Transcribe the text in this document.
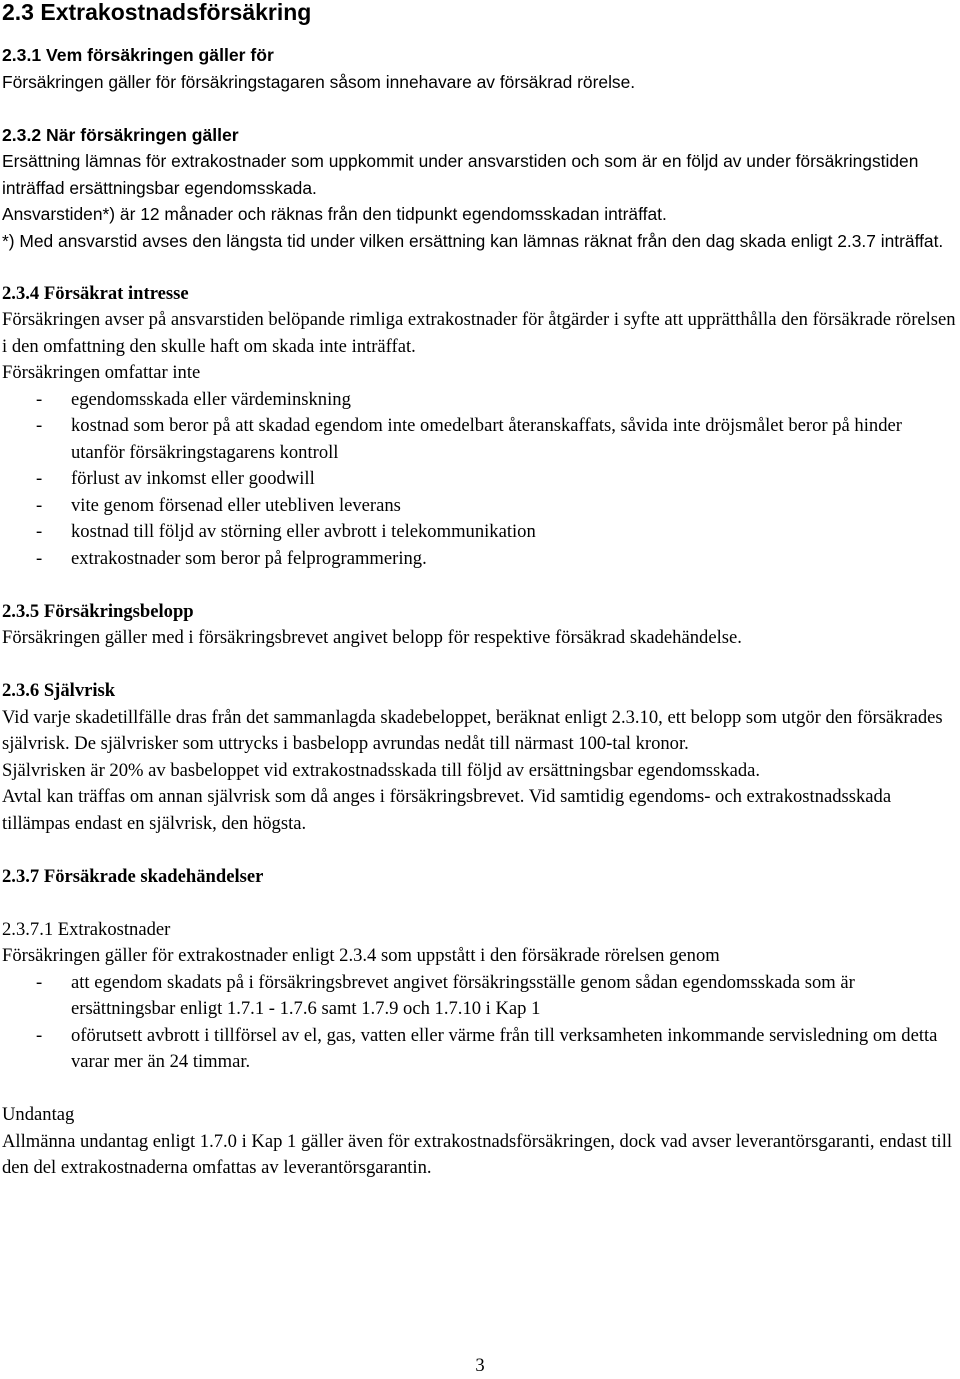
2.3 Extrakostnadsförsäkring

2.3.1 Vem försäkringen gäller för

Försäkringen gäller för försäkringstagaren såsom innehavare av försäkrad rörelse.

2.3.2 När försäkringen gäller

Ersättning lämnas för extrakostnader som uppkommit under ansvarstiden och som är en följd av under försäkringstiden inträffad ersättningsbar egendomsskada.

Ansvarstiden*) är 12 månader och räknas från den tidpunkt egendomsskadan inträffat.

*) Med ansvarstid avses den längsta tid under vilken ersättning kan lämnas räknat från den dag skada enligt 2.3.7 inträffat.

2.3.4 Försäkrat intresse

Försäkringen avser på ansvarstiden belöpande rimliga extrakostnader för åtgärder i syfte att upprätthålla den försäkrade rörelsen i den omfattning den skulle haft om skada inte inträffat.

Försäkringen omfattar inte

- egendomsskada eller värdeminskning
- kostnad som beror på att skadad egendom inte omedelbart återanskaffats, såvida inte dröjsmålet beror på hinder utanför försäkringstagarens kontroll
- förlust av inkomst eller goodwill
- vite genom försenad eller utebliven leverans
- kostnad till följd av störning eller avbrott i telekommunikation
- extrakostnader som beror på felprogrammering.

2.3.5 Försäkringsbelopp

Försäkringen gäller med i försäkringsbrevet angivet belopp för respektive försäkrad skadehändelse.

2.3.6 Självrisk

Vid varje skadetillfälle dras från det sammanlagda skadebeloppet, beräknat enligt 2.3.10, ett belopp som utgör den försäkrades självrisk. De självrisker som uttrycks i basbelopp avrundas nedåt till närmast 100-tal kronor.

Självrisken är 20% av basbeloppet vid extrakostnadsskada till följd av ersättningsbar egendomsskada.

Avtal kan träffas om annan självrisk som då anges i försäkringsbrevet. Vid samtidig egendoms- och extrakostnadsskada tillämpas endast en självrisk, den högsta.

2.3.7 Försäkrade skadehändelser

2.3.7.1 Extrakostnader

Försäkringen gäller för extrakostnader enligt 2.3.4 som uppstått i den försäkrade rörelsen genom

- att egendom skadats på i försäkringsbrevet angivet försäkringsställe genom sådan egendomsskada som är ersättningsbar enligt 1.7.1 - 1.7.6 samt 1.7.9 och 1.7.10 i Kap 1
- oförutsett avbrott i tillförsel av el, gas, vatten eller värme från till verksamheten inkommande servisledning om detta varar mer än 24 timmar.

Undantag

Allmänna undantag enligt 1.7.0 i Kap 1 gäller även för extrakostnadsförsäkringen, dock vad avser leverantörsgaranti, endast till den del extrakostnaderna omfattas av leverantörsgarantin.

3
